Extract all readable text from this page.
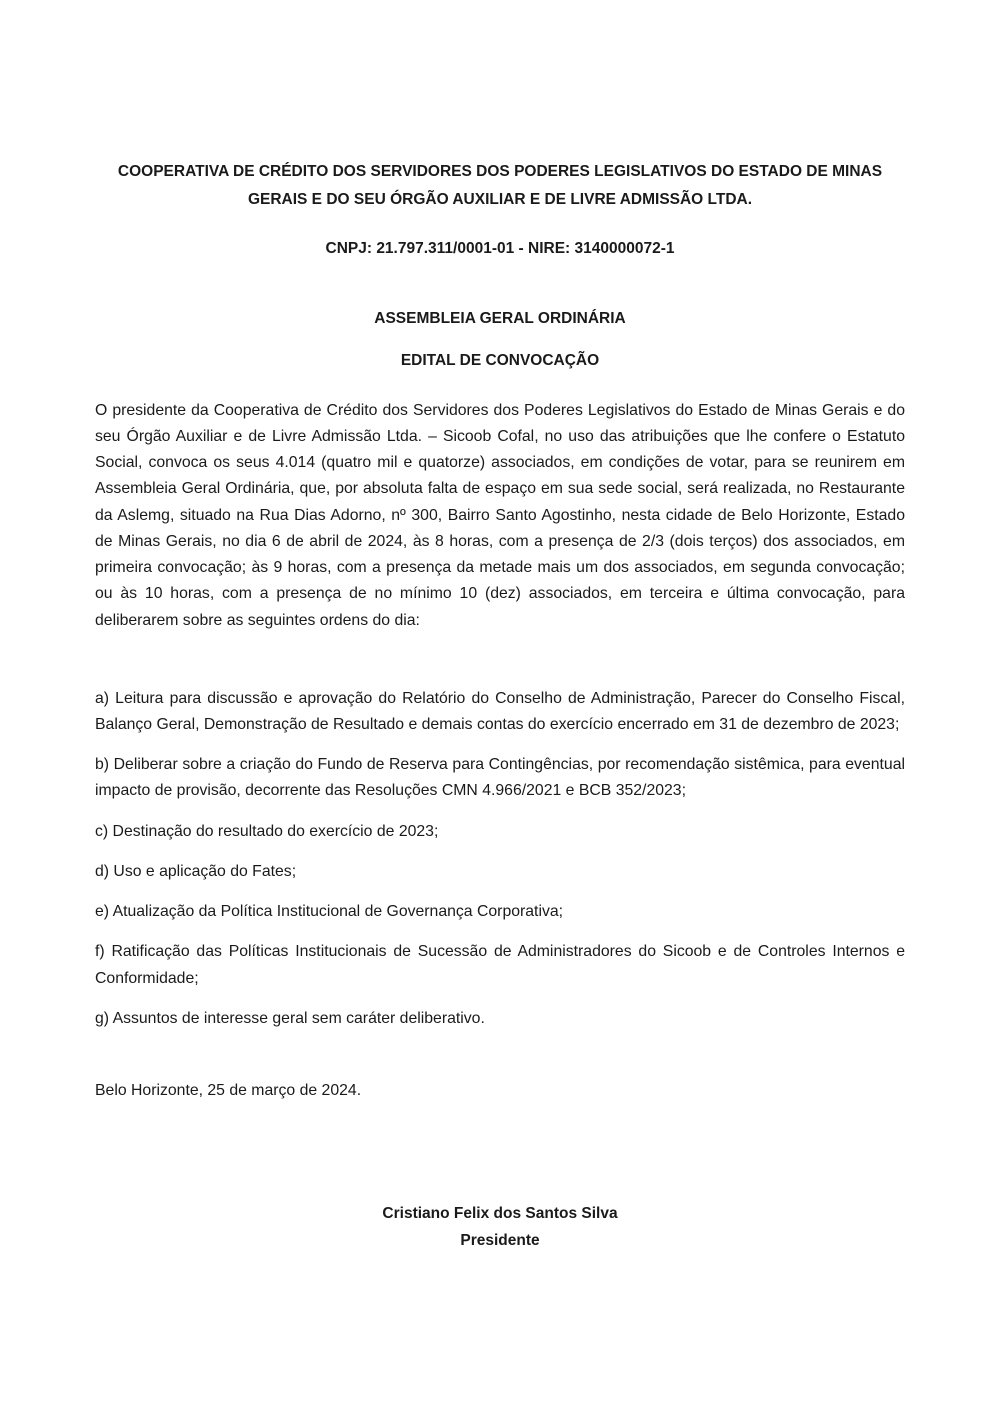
COOPERATIVA DE CRÉDITO DOS SERVIDORES DOS PODERES LEGISLATIVOS DO ESTADO DE MINAS GERAIS E DO SEU ÓRGÃO AUXILIAR E DE LIVRE ADMISSÃO LTDA.
CNPJ: 21.797.311/0001-01 - NIRE: 3140000072-1
ASSEMBLEIA GERAL ORDINÁRIA
EDITAL DE CONVOCAÇÃO

O presidente da Cooperativa de Crédito dos Servidores dos Poderes Legislativos do Estado de Minas Gerais e do seu Órgão Auxiliar e de Livre Admissão Ltda. – Sicoob Cofal, no uso das atribuições que lhe confere o Estatuto Social, convoca os seus 4.014 (quatro mil e quatorze) associados, em condições de votar, para se reunirem em Assembleia Geral Ordinária, que, por absoluta falta de espaço em sua sede social, será realizada, no Restaurante da Aslemg, situado na Rua Dias Adorno, nº 300, Bairro Santo Agostinho, nesta cidade de Belo Horizonte, Estado de Minas Gerais, no dia 6 de abril de 2024, às 8 horas, com a presença de 2/3 (dois terços) dos associados, em primeira convocação; às 9 horas, com a presença da metade mais um dos associados, em segunda convocação; ou às 10 horas, com a presença de no mínimo 10 (dez) associados, em terceira e última convocação, para deliberarem sobre as seguintes ordens do dia:

a) Leitura para discussão e aprovação do Relatório do Conselho de Administração, Parecer do Conselho Fiscal, Balanço Geral, Demonstração de Resultado e demais contas do exercício encerrado em 31 de dezembro de 2023;

b) Deliberar sobre a criação do Fundo de Reserva para Contingências, por recomendação sistêmica, para eventual impacto de provisão, decorrente das Resoluções CMN 4.966/2021 e BCB 352/2023;

c) Destinação do resultado do exercício de 2023;

d) Uso e aplicação do Fates;

e) Atualização da Política Institucional de Governança Corporativa;

f) Ratificação das Políticas Institucionais de Sucessão de Administradores do Sicoob e de Controles Internos e Conformidade;

g) Assuntos de interesse geral sem caráter deliberativo.

Belo Horizonte, 25 de março de 2024.
Cristiano Felix dos Santos Silva
Presidente
